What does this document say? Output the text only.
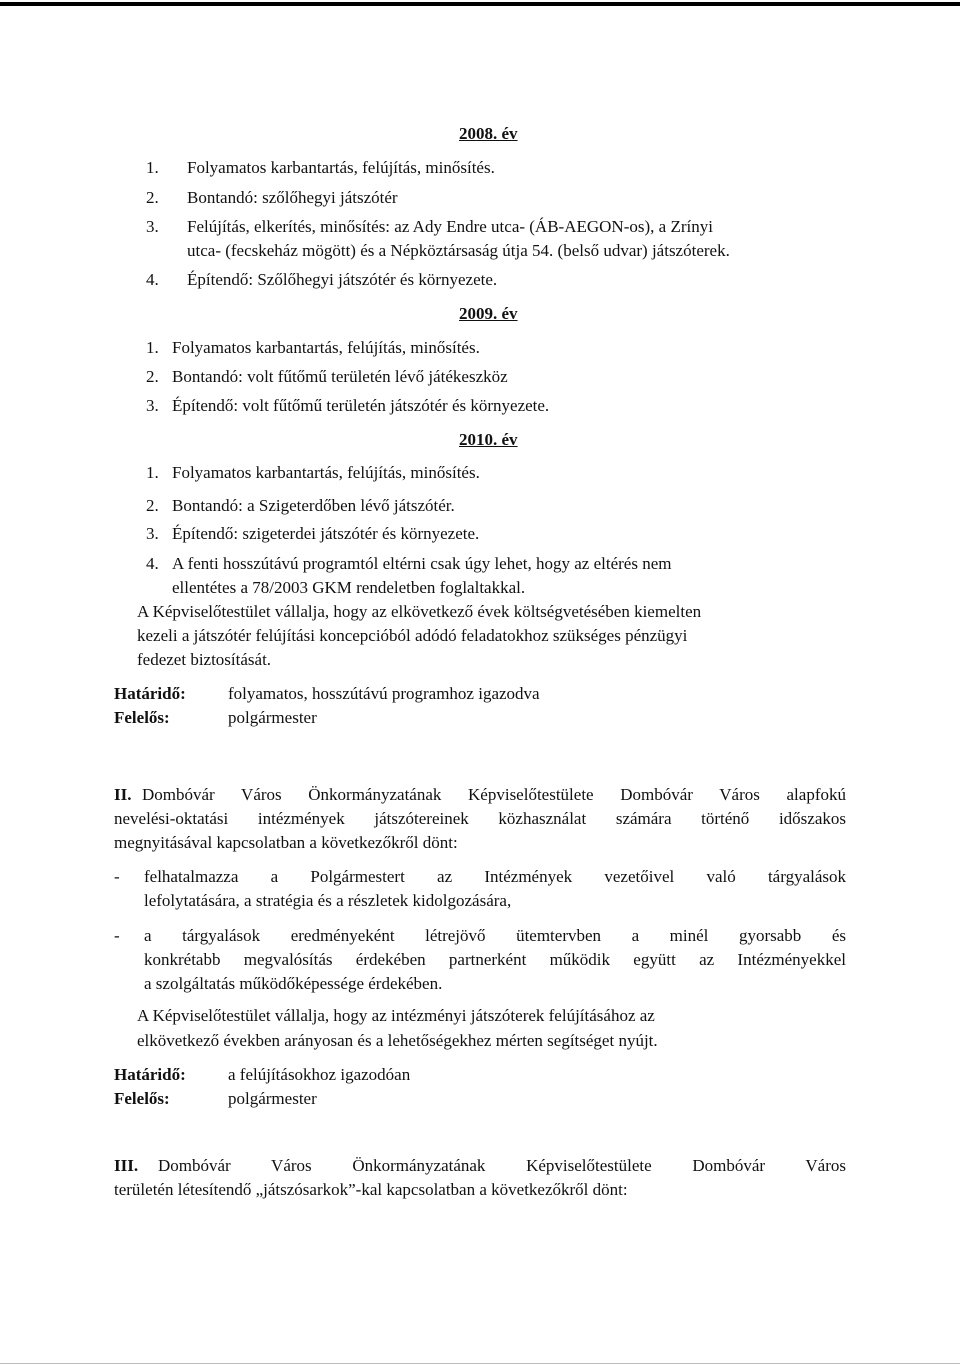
2008. év
1. Folyamatos karbantartás, felújítás, minősítés.
2. Bontandó: szőlőhegyi játszótér
3. Felújítás, elkerítés, minősítés: az Ady Endre utca- (ÁB-AEGON-os), a Zrínyi
utca- (fecskeház mögött) és a Népköztársaság útja 54. (belső udvar) játszóterek.
4. Építendő: Szőlőhegyi játszótér és környezete.
2009. év
1. Folyamatos karbantartás, felújítás, minősítés.
2. Bontandó: volt fűtőmű területén lévő játékeszköz
3. Építendő: volt fűtőmű területén játszótér és környezete.
2010. év
1. Folyamatos karbantartás, felújítás, minősítés.
2. Bontandó: a Szigeterdőben lévő játszótér.
3. Építendő: szigeterdei játszótér és környezete.
4. A fenti hosszútávú programtól eltérni csak úgy lehet, hogy az eltérés nem
ellentétes a 78/2003 GKM rendeletben foglaltakkal.
A Képviselőtestület vállalja, hogy az elkövetkező évek költségvetésében kiemelten
kezeli a játszótér felújítási koncepcióból adódó feladatokhoz szükséges pénzügyi
fedezet biztosítását.
Határidő: folyamatos, hosszútávú programhoz igazodva
Felelős:	polgármester
II. Dombóvár Város Önkormányzatának Képviselőtestülete Dombóvár Város alapfokú
nevelési-oktatási intézmények játszótereinek közhasználat számára történő időszakos
megnyitásával kapcsolatban a következőkről dönt:
- felhatalmazza a Polgármestert az Intézmények vezetőivel való tárgyalások
lefolytatására, a stratégia és a részletek kidolgozására,
- a tárgyalások eredményeként létrejövő ütemtervben a minél gyorsabb és
konkrétabb megvalósítás érdekében partnerként működik együtt az Intézményekkel
a szolgáltatás működőképessége érdekében.
A Képviselőtestület vállalja, hogy az intézményi játszóterek felújításához az
elkövetkező években arányosan és a lehetőségekhez mérten segítséget nyújt.
Határidő: a felújításokhoz igazodóan
Felelős:	polgármester
III. Dombóvár Város Önkormányzatának Képviselőtestülete Dombóvár Város
területén létesítendő „játszósarkok”-kal kapcsolatban a következőkről dönt:
